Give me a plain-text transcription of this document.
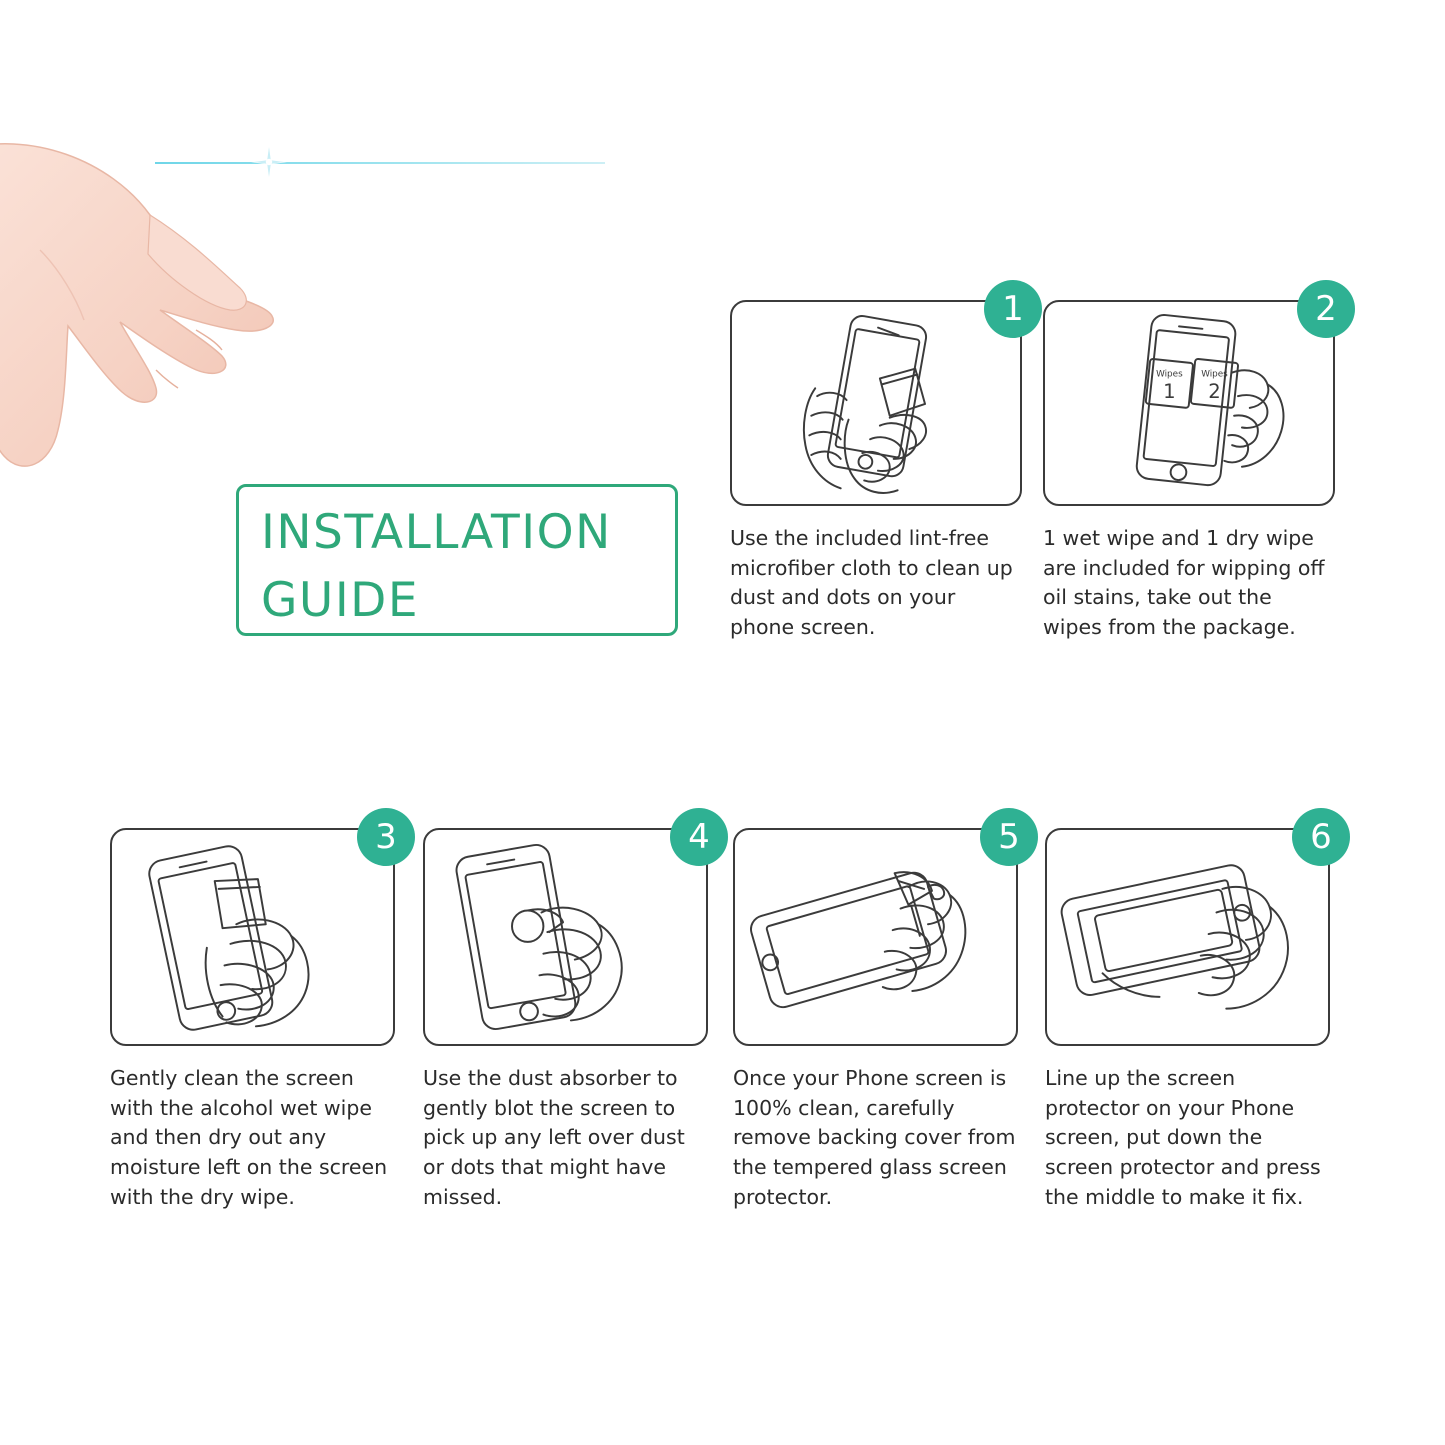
INSTALLATION
GUIDE
1
Use the included lint-free microfiber cloth to clean up dust and dots on your phone screen.
Wipes
1
Wipes
2
2
1 wet wipe and 1 dry wipe are included for wipping off oil stains, take out the wipes from the package.
3
Gently clean the screen with the alcohol wet wipe and then dry out any moisture left on the screen with the dry wipe.
4
Use the dust absorber to gently blot the screen to pick up any left over dust or dots that might have missed.
5
Once your Phone screen is 100% clean, carefully remove backing cover from the tempered glass screen protector.
6
Line up the screen protector on your Phone screen, put down the screen protector and press the middle to make it fix.
